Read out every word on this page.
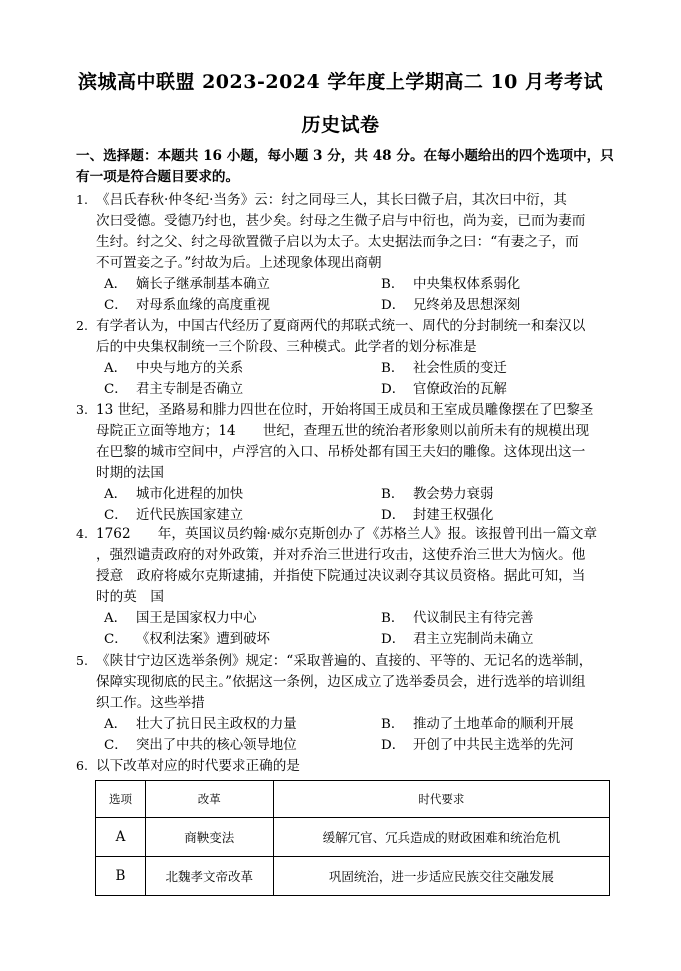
滨城高中联盟 2023-2024 学年度上学期高二 10 月考考试
历史试卷
一、选择题：本题共 16 小题，每小题 3 分，共 48 分。在每小题给出的四个选项中，只有一项是符合题目要求的。
1. 《吕氏春秋·仲冬纪·当务》云：纣之同母三人，其长曰微子启，其次曰中衍，其
次曰受德。受德乃纣也，甚少矣。纣母之生微子启与中衍也，尚为妾，已而为妻而
生纣。纣之父、纣之母欲置微子启以为太子。太史据法而争之曰：“有妻之子，而
不可置妾之子。”纣故为后。上述现象体现出商朝
A． 嫡长子继承制基本确立	B． 中央集权体系弱化
C． 对母系血缘的高度重视	D． 兄终弟及思想深刻
2. 有学者认为，中国古代经历了夏商两代的邦联式统一、周代的分封制统一和秦汉以
后的中央集权制统一三个阶段、三种模式。此学者的划分标准是
A． 中央与地方的关系	B． 社会性质的变迁
C． 君主专制是否确立	D． 官僚政治的瓦解
3. 13 世纪，圣路易和腓力四世在位时，开始将国王成员和王室成员雕像摆在了巴黎圣
母院正立面等地方；14　　世纪，查理五世的统治者形象则以前所未有的规模出现
在巴黎的城市空间中，卢浮宫的入口、吊桥处都有国王夫妇的雕像。这体现出这一
时期的法国
A． 城市化进程的加快	B． 教会势力衰弱
C． 近代民族国家建立	D． 封建王权强化
4. 1762　　年，英国议员约翰·威尔克斯创办了《苏格兰人》报。该报曾刊出一篇文章
，强烈谴责政府的对外政策，并对乔治三世进行攻击，这使乔治三世大为恼火。他
授意　政府将威尔克斯逮捕，并指使下院通过决议剥夺其议员资格。据此可知，当
时的英　国
A． 国王是国家权力中心	B． 代议制民主有待完善
C． 《权利法案》遭到破坏	D． 君主立宪制尚未确立
5. 《陕甘宁边区选举条例》规定：“采取普遍的、直接的、平等的、无记名的选举制，
保障实现彻底的民主。”依据这一条例，边区成立了选举委员会，进行选举的培训组
织工作。这些举措
A． 壮大了抗日民主政权的力量	B． 推动了土地革命的顺利开展
C． 突出了中共的核心领导地位	D． 开创了中共民主选举的先河
6. 以下改革对应的时代要求正确的是
选项	改革	时代要求
A	商鞅变法	缓解冗官、冗兵造成的财政困难和统治危机
B	北魏孝文帝改革	巩固统治，进一步适应民族交往交融发展
